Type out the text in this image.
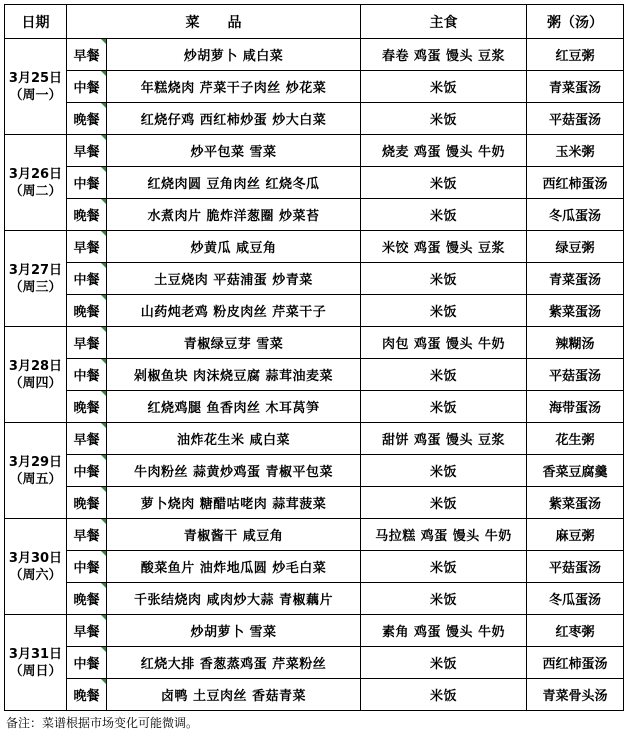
日期	菜　　品		主食	粥（汤）

3月25日
（周一）	早餐	炒胡萝卜 咸白菜	春卷 鸡蛋 馒头 豆浆	红豆粥
	中餐	年糕烧肉 芹菜干子肉丝 炒花菜	米饭	青菜蛋汤
	晚餐	红烧仔鸡 西红柿炒蛋 炒大白菜	米饭	平菇蛋汤

3月26日
（周二）	早餐	炒平包菜 雪菜	烧麦 鸡蛋 馒头 牛奶	玉米粥
	中餐	红烧肉圆 豆角肉丝 红烧冬瓜	米饭	西红柿蛋汤
	晚餐	水煮肉片 脆炸洋葱圈 炒菜苔	米饭	冬瓜蛋汤

3月27日
（周三）	早餐	炒黄瓜 咸豆角	米饺 鸡蛋 馒头 豆浆	绿豆粥
	中餐	土豆烧肉 平菇浦蛋 炒青菜	米饭	青菜蛋汤
	晚餐	山药炖老鸡 粉皮肉丝 芹菜干子	米饭	紫菜蛋汤

3月28日
（周四）	早餐	青椒绿豆芽 雪菜	肉包 鸡蛋 馒头 牛奶	辣糊汤
	中餐	剁椒鱼块 肉沫烧豆腐 蒜茸油麦菜	米饭	平菇蛋汤
	晚餐	红烧鸡腿 鱼香肉丝 木耳莴笋	米饭	海带蛋汤

3月29日
（周五）	早餐	油炸花生米 咸白菜	甜饼 鸡蛋 馒头 豆浆	花生粥
	中餐	牛肉粉丝 蒜黄炒鸡蛋 青椒平包菜	米饭	香菜豆腐羹
	晚餐	萝卜烧肉 糖醋咕咾肉 蒜茸菠菜	米饭	紫菜蛋汤

3月30日
（周六）	早餐	青椒酱干 咸豆角	马拉糕 鸡蛋 馒头 牛奶	麻豆粥
	中餐	酸菜鱼片 油炸地瓜圆 炒毛白菜	米饭	平菇蛋汤
	晚餐	千张结烧肉 咸肉炒大蒜 青椒藕片	米饭	冬瓜蛋汤

3月31日
（周日）	早餐	炒胡萝卜 雪菜	素角 鸡蛋 馒头 牛奶	红枣粥
	中餐	红烧大排 香葱蒸鸡蛋 芹菜粉丝	米饭	西红柿蛋汤
	晚餐	卤鸭 土豆肉丝 香菇青菜	米饭	青菜骨头汤
备注：菜谱根据市场变化可能微调。
